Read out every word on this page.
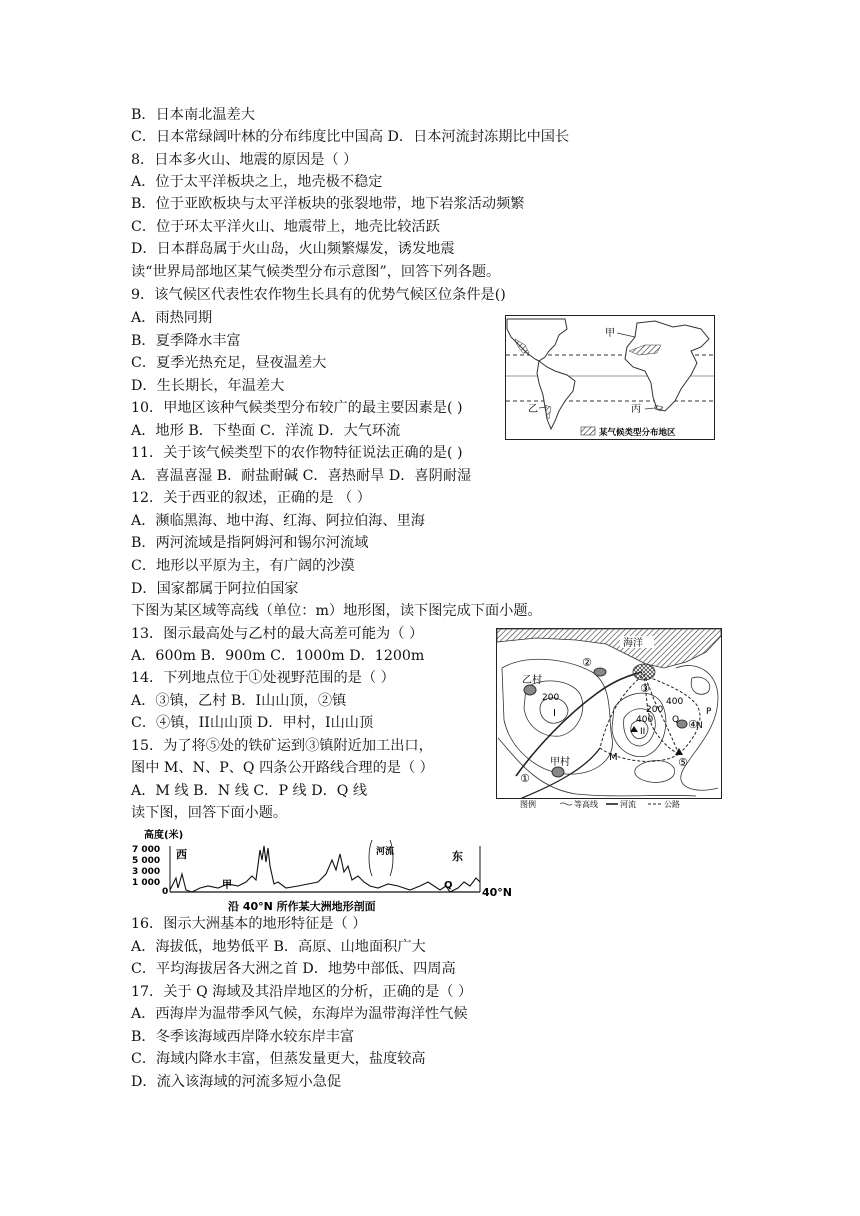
B．日本南北温差大
C．日本常绿阔叶林的分布纬度比中国高 D．日本河流封冻期比中国长
8．日本多火山、地震的原因是（ ）
A．位于太平洋板块之上，地壳极不稳定
B．位于亚欧板块与太平洋板块的张裂地带，地下岩浆活动频繁
C．位于环太平洋火山、地震带上，地壳比较活跃
D．日本群岛属于火山岛，火山频繁爆发，诱发地震
读“世界局部地区某气候类型分布示意图”，回答下列各题。
9．该气候区代表性农作物生长具有的优势气候区位条件是()
A．雨热同期
B．夏季降水丰富
C．夏季光热充足，昼夜温差大
D．生长期长，年温差大
10．甲地区该种气候类型分布较广的最主要因素是( )
A．地形 B．下垫面 C．洋流 D．大气环流
11．关于该气候类型下的农作物特征说法正确的是( )
A．喜温喜湿 B．耐盐耐碱 C．喜热耐旱 D．喜阴耐湿
12．关于西亚的叙述，正确的是 （ ）
A．濒临黑海、地中海、红海、阿拉伯海、里海
B．两河流域是指阿姆河和锡尔河流域
C．地形以平原为主，有广阔的沙漠
D．国家都属于阿拉伯国家
下图为某区域等高线（单位：m）地形图，读下图完成下面小题。
13．图示最高处与乙村的最大高差可能为（ ）
A．600m B．900m C．1000m D．1200m
14．下列地点位于①处视野范围的是（ ）
A．③镇，乙村 B．I山山顶，②镇
C．④镇，II山山顶 D．甲村，I山山顶
15．为了将⑤处的铁矿运到③镇附近加工出口，
图中 M、N、P、Q 四条公开路线合理的是（ ）
A．M 线 B．N 线 C．P 线 D．Q 线
读下图，回答下面小题。
16．图示大洲基本的地形特征是（ ）
A．海拔低，地势低平 B．高原、山地面积广大
C．平均海拔居各大洲之首 D．地势中部低、四周高
17．关于 Q 海域及其沿岸地区的分析，正确的是（ ）
A．西海岸为温带季风气候，东海岸为温带海洋性气候
B．冬季该海域西岸降水较东岸丰富
C．海域内降水丰富，但蒸发量更大，盐度较高
D．流入该海域的河流多短小急促
甲
乙	丙
某气候类型分布地区
海洋
乙村
甲村
①
②
③
④
⑤
200
200
400
400
I
II
M
N
P
Q
图例	等高线	河流	公路
高度(米)
7 000
5 000
3 000
1 000
0
西	东
河流
甲	Q
40°N
沿 40°N 所作某大洲地形剖面
